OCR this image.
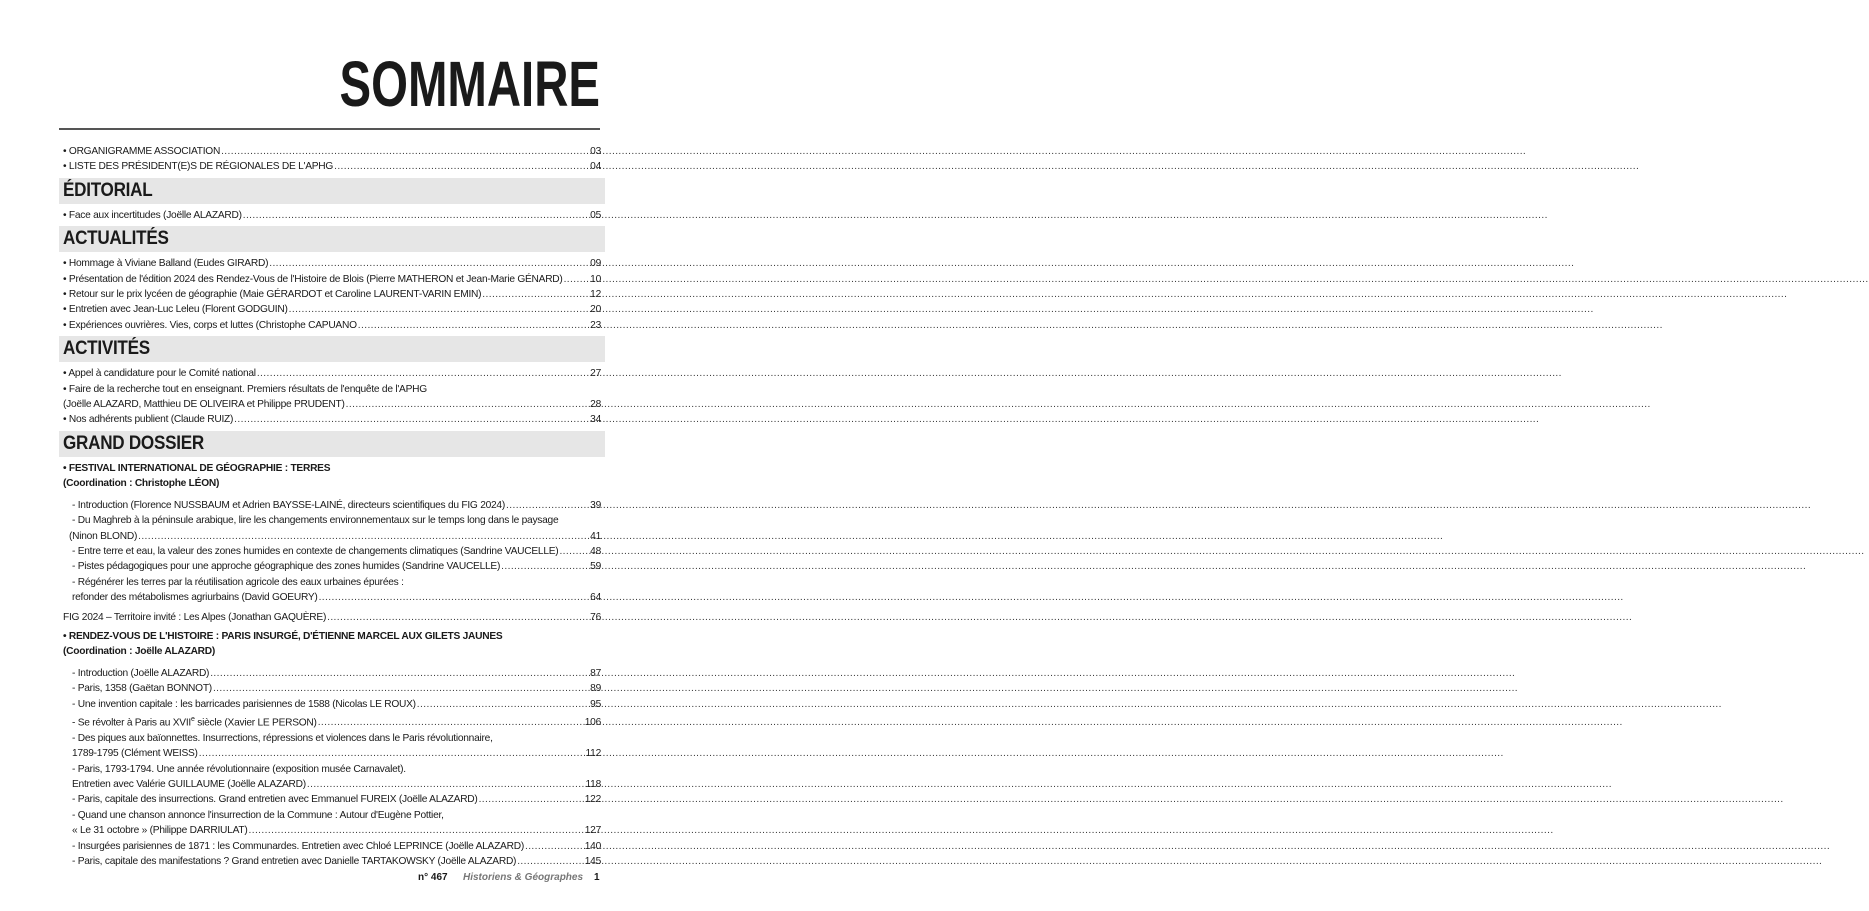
SOMMAIRE
• ORGANIGRAMME ASSOCIATION .....	03
• LISTE DES PRÉSIDENT(E)S DE RÉGIONALES DE L'APHG .....	04
ÉDITORIAL
• Face aux incertitudes (Joëlle ALAZARD) .....	05
ACTUALITÉS
• Hommage à Viviane Balland (Eudes GIRARD) .....	09
• Présentation de l'édition 2024 des Rendez-Vous de l'Histoire de Blois (Pierre MATHERON et Jean-Marie GÉNARD) .....	10
• Retour sur le prix lycéen de géographie (Maie GÉRARDOT et Caroline LAURENT-VARIN EMIN) .....	12
• Entretien avec Jean-Luc Leleu (Florent GODGUIN) .....	20
• Expériences ouvrières. Vies, corps et luttes (Christophe CAPUANO .....	23
ACTIVITÉS
• Appel à candidature pour le Comité national .....	27
• Faire de la recherche tout en enseignant. Premiers résultats de l'enquête de l'APHG
(Joëlle ALAZARD, Matthieu DE OLIVEIRA et Philippe PRUDENT) .....	28
• Nos adhérents publient (Claude RUIZ) .....	34
GRAND DOSSIER
• FESTIVAL INTERNATIONAL DE GÉOGRAPHIE : TERRES
(Coordination : Christophe LÉON)
- Introduction (Florence NUSSBAUM et Adrien BAYSSE-LAINÉ, directeurs scientifiques du FIG 2024) .....	39
- Du Maghreb à la péninsule arabique, lire les changements environnementaux sur le temps long dans le paysage
(Ninon BLOND) .....	41
- Entre terre et eau, la valeur des zones humides en contexte de changements climatiques (Sandrine VAUCELLE) .....	48
- Pistes pédagogiques pour une approche géographique des zones humides (Sandrine VAUCELLE) .....	59
- Régénérer les terres par la réutilisation agricole des eaux urbaines épurées :
refonder des métabolismes agriurbains (David GOEURY) .....	64
FIG 2024 – Territoire invité : Les Alpes (Jonathan GAQUÈRE) .....	76
• RENDEZ-VOUS DE L'HISTOIRE : PARIS INSURGÉ, D'ÉTIENNE MARCEL AUX GILETS JAUNES
(Coordination : Joëlle ALAZARD)
- Introduction (Joëlle ALAZARD) .....	87
- Paris, 1358 (Gaëtan BONNOT) .....	89
- Une invention capitale : les barricades parisiennes de 1588 (Nicolas LE ROUX) .....	95
- Se révolter à Paris au XVIIe siècle (Xavier LE PERSON) .....	106
- Des piques aux baïonnettes. Insurrections, répressions et violences dans le Paris révolutionnaire,
1789-1795 (Clément WEISS) .....	112
- Paris, 1793-1794. Une année révolutionnaire (exposition musée Carnavalet).
Entretien avec Valérie GUILLAUME (Joëlle ALAZARD) .....	118
- Paris, capitale des insurrections. Grand entretien avec Emmanuel FUREIX (Joëlle ALAZARD) .....	122
- Quand une chanson annonce l'insurrection de la Commune : Autour d'Eugène Pottier,
« Le 31 octobre » (Philippe DARRIULAT) .....	127
- Insurgées parisiennes de 1871 : les Communardes. Entretien avec Chloé LEPRINCE (Joëlle ALAZARD) .....	140
- Paris, capitale des manifestations ? Grand entretien avec Danielle TARTAKOWSKY (Joëlle ALAZARD) .....	145
n° 467 Historiens & Géographes 1
